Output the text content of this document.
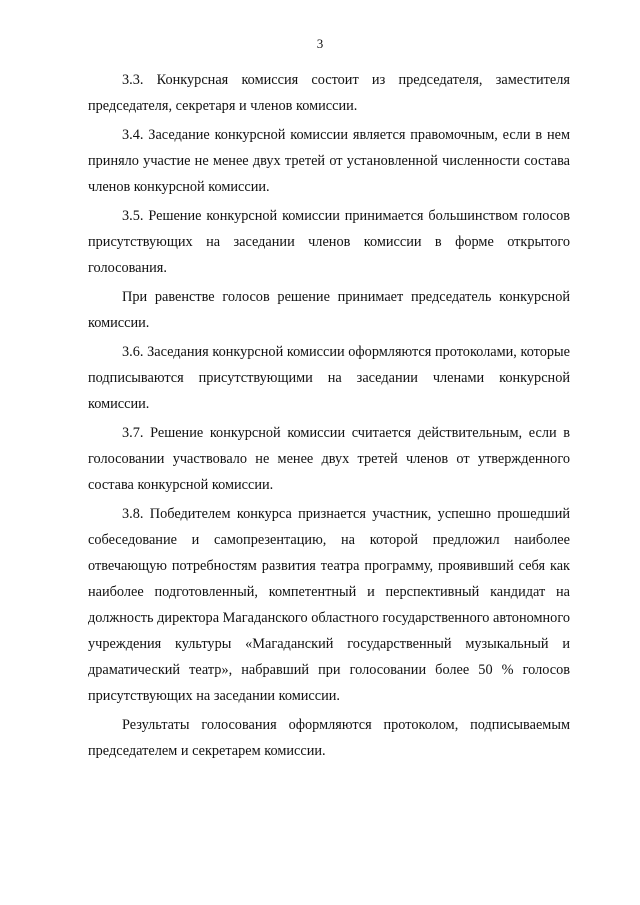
3

3.3. Конкурсная комиссия состоит из председателя, заместителя председателя, секретаря и членов комиссии.

3.4. Заседание конкурсной комиссии является правомочным, если в нем приняло участие не менее двух третей от установленной численности состава членов конкурсной комиссии.

3.5. Решение конкурсной комиссии принимается большинством голосов присутствующих на заседании членов комиссии в форме открытого голосования.

При равенстве голосов решение принимает председатель конкурсной комиссии.

3.6. Заседания конкурсной комиссии оформляются протоколами, которые подписываются присутствующими на заседании членами конкурсной комиссии.

3.7. Решение конкурсной комиссии считается действительным, если в голосовании участвовало не менее двух третей членов от утвержденного состава конкурсной комиссии.

3.8. Победителем конкурса признается участник, успешно прошедший собеседование и самопрезентацию, на которой предложил наиболее отвечающую потребностям развития театра программу, проявивший себя как наиболее подготовленный, компетентный и перспективный кандидат на должность директора Магаданского областного государственного автономного учреждения культуры «Магаданский государственный музыкальный и драматический театр», набравший при голосовании более 50 % голосов присутствующих на заседании комиссии.

Результаты голосования оформляются протоколом, подписываемым председателем и секретарем комиссии.
